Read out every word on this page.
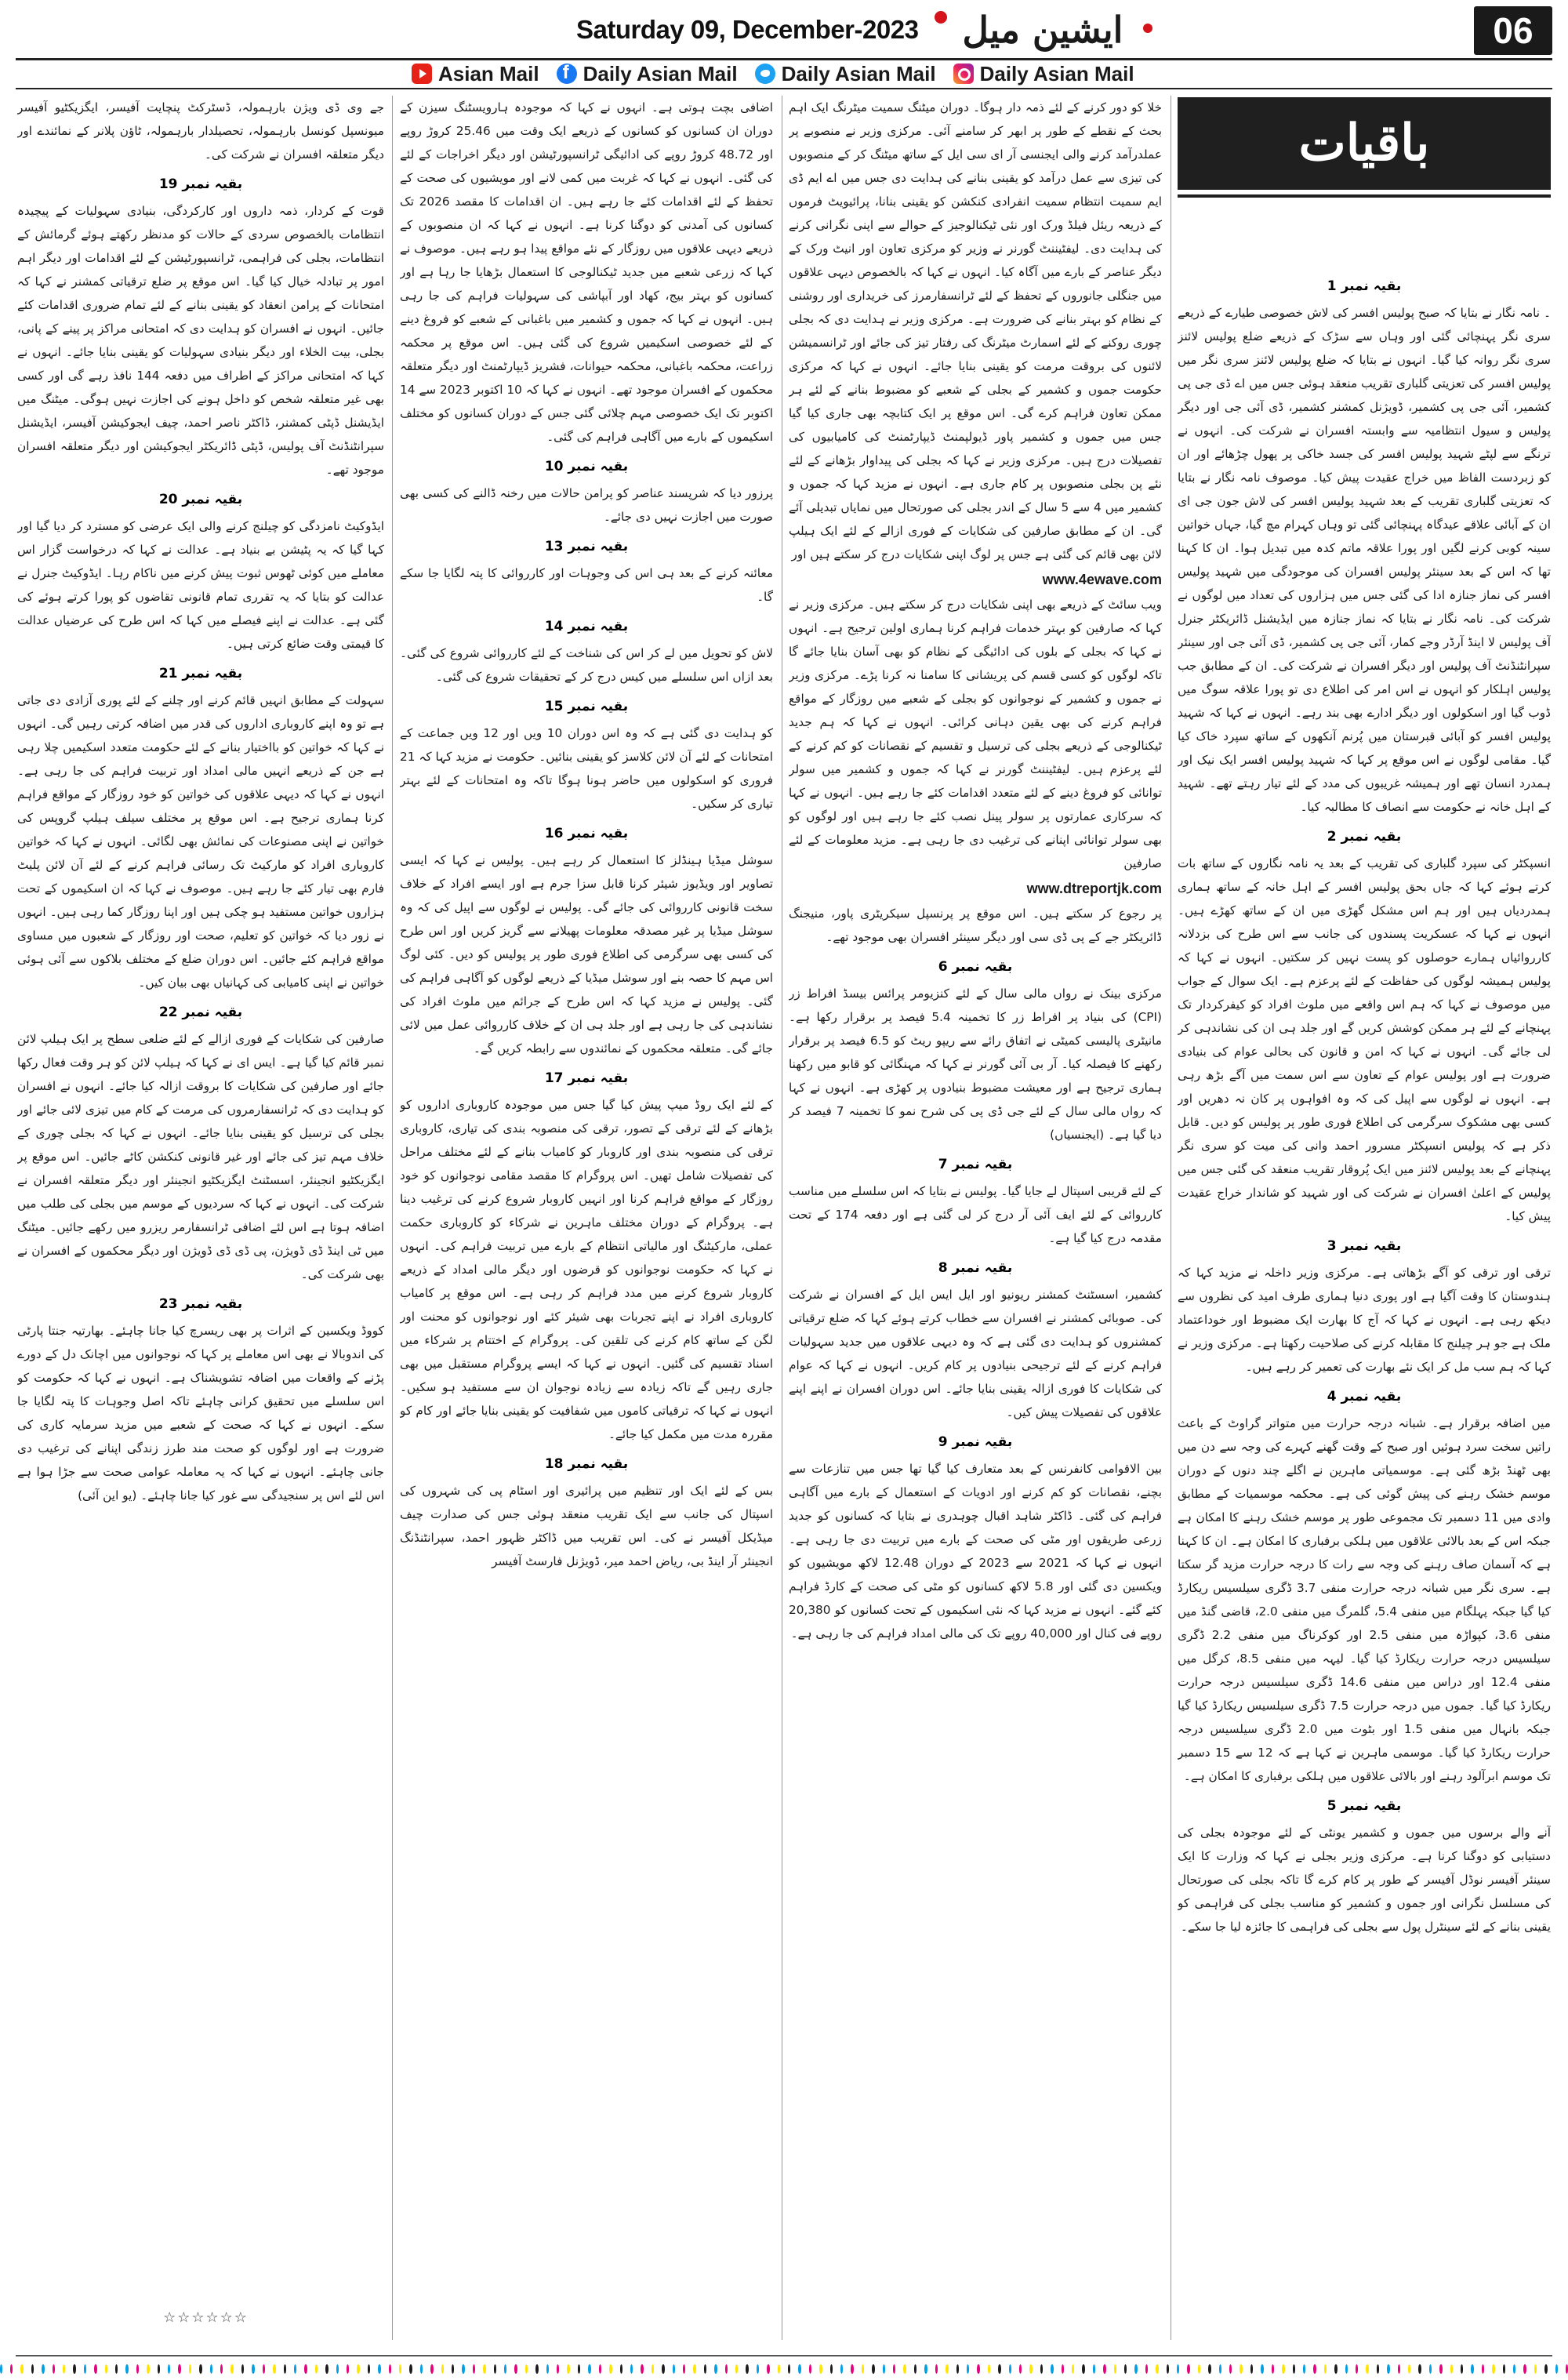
Saturday 09, December-2023	ایشین میل	06
Asian Mail
f Daily Asian Mail Daily Asian Mail Daily Asian Mail
باقیات
بقیہ نمبر 1

۔ نامہ نگار نے بتایا کہ صبح پولیس افسر کی لاش خصوصی طیارے کے ذریعے سری نگر پہنچائی گئی اور وہاں سے سڑک کے ذریعے ضلع پولیس لائنز سری نگر روانہ کیا گیا۔ انہوں نے بتایا کہ ضلع پولیس لائنز سری نگر میں پولیس افسر کی تعزیتی گلباری تقریب منعقد ہوئی جس میں اے ڈی جی پی کشمیر، آئی جی پی کشمیر، ڈویژنل کمشنر کشمیر، ڈی آئی جی اور دیگر پولیس و سیول انتظامیہ سے وابستہ افسران نے شرکت کی۔ انہوں نے ترنگے سے لپٹے شہید پولیس افسر کی جسد خاکی پر پھول چڑھائے اور ان کو زبردست الفاظ میں خراج عقیدت پیش کیا۔ موصوف نامہ نگار نے بتایا کہ تعزیتی گلباری تقریب کے بعد شہید پولیس افسر کی لاش جون جی ای ان کے آبائی علاقے عیدگاہ پہنچائی گئی تو وہاں کہرام مچ گیا، جہاں خواتین سینہ کوبی کرنے لگیں اور پورا علاقہ ماتم کدہ میں تبدیل ہوا۔ ان کا کہنا تھا کہ اس کے بعد سینئر پولیس افسران کی موجودگی میں شہید پولیس افسر کی نماز جنازہ ادا کی گئی جس میں ہزاروں کی تعداد میں لوگوں نے شرکت کی۔ نامہ نگار نے بتایا کہ نماز جنازہ میں ایڈیشنل ڈائریکٹر جنرل آف پولیس لا اینڈ آرڈر وجے کمار، آئی جی پی کشمیر، ڈی آئی جی اور سینئر سپرانٹنڈنٹ آف پولیس اور دیگر افسران نے شرکت کی۔ ان کے مطابق جب پولیس اہلکار کو انہوں نے اس امر کی اطلاع دی تو پورا علاقہ سوگ میں ڈوب گیا اور اسکولوں اور دیگر ادارے بھی بند رہے۔ انہوں نے کہا کہ شہید پولیس افسر کو آبائی قبرستان میں پُرنم آنکھوں کے ساتھ سپرد خاک کیا گیا۔ مقامی لوگوں نے اس موقع پر کہا کہ شہید پولیس افسر ایک نیک اور ہمدرد انسان تھے اور ہمیشہ غریبوں کی مدد کے لئے تیار رہتے تھے۔ شہید کے اہل خانہ نے حکومت سے انصاف کا مطالبہ کیا۔

بقیہ نمبر 2

انسپکٹر کی سپرد گلباری کی تقریب کے بعد یہ نامہ نگاروں کے ساتھ بات کرتے ہوئے کہا کہ جاں بحق پولیس افسر کے اہل خانہ کے ساتھ ہماری ہمدردیاں ہیں اور ہم اس مشکل گھڑی میں ان کے ساتھ کھڑے ہیں۔ انہوں نے کہا کہ عسکریت پسندوں کی جانب سے اس طرح کی بزدلانہ کارروائیاں ہمارے حوصلوں کو پست نہیں کر سکتیں۔ انہوں نے کہا کہ پولیس ہمیشہ لوگوں کی حفاظت کے لئے پرعزم ہے۔ ایک سوال کے جواب میں موصوف نے کہا کہ ہم اس واقعے میں ملوث افراد کو کیفرکردار تک پہنچانے کے لئے ہر ممکن کوشش کریں گے اور جلد ہی ان کی نشاندہی کر لی جائے گی۔ انہوں نے کہا کہ امن و قانون کی بحالی عوام کی بنیادی ضرورت ہے اور پولیس عوام کے تعاون سے اس سمت میں آگے بڑھ رہی ہے۔ انہوں نے لوگوں سے اپیل کی کہ وہ افواہوں پر کان نہ دھریں اور کسی بھی مشکوک سرگرمی کی اطلاع فوری طور پر پولیس کو دیں۔ قابل ذکر ہے کہ پولیس انسپکٹر مسرور احمد وانی کی میت کو سری نگر پہنچانے کے بعد پولیس لائنز میں ایک پُروقار تقریب منعقد کی گئی جس میں پولیس کے اعلیٰ افسران نے شرکت کی اور شہید کو شاندار خراج عقیدت پیش کیا۔

بقیہ نمبر 3

ترقی اور ترقی کو آگے بڑھاتی ہے۔ مرکزی وزیر داخلہ نے مزید کہا کہ ہندوستان کا وقت آگیا ہے اور پوری دنیا ہماری طرف امید کی نظروں سے دیکھ رہی ہے۔ انہوں نے کہا کہ آج کا بھارت ایک مضبوط اور خوداعتماد ملک ہے جو ہر چیلنج کا مقابلہ کرنے کی صلاحیت رکھتا ہے۔ مرکزی وزیر نے کہا کہ ہم سب مل کر ایک نئے بھارت کی تعمیر کر رہے ہیں۔

بقیہ نمبر 4

میں اضافہ برقرار ہے۔ شبانہ درجہ حرارت میں متواتر گراوٹ کے باعث راتیں سخت سرد ہوئیں اور صبح کے وقت گھنے کہرے کی وجہ سے دن میں بھی ٹھنڈ بڑھ گئی ہے۔ موسمیاتی ماہرین نے اگلے چند دنوں کے دوران موسم خشک رہنے کی پیش گوئی کی ہے۔ محکمہ موسمیات کے مطابق وادی میں 11 دسمبر تک مجموعی طور پر موسم خشک رہنے کا امکان ہے جبکہ اس کے بعد بالائی علاقوں میں ہلکی برفباری کا امکان ہے۔ ان کا کہنا ہے کہ آسمان صاف رہنے کی وجہ سے رات کا درجہ حرارت مزید گر سکتا ہے۔ سری نگر میں شبانہ درجہ حرارت منفی 3.7 ڈگری سیلسیس ریکارڈ کیا گیا جبکہ پہلگام میں منفی 5.4، گلمرگ میں منفی 2.0، قاضی گنڈ میں منفی 3.6، کپواڑہ میں منفی 2.5 اور کوکرناگ میں منفی 2.2 ڈگری سیلسیس درجہ حرارت ریکارڈ کیا گیا۔ لیہہ میں منفی 8.5، کرگل میں منفی 12.4 اور دراس میں منفی 14.6 ڈگری سیلسیس درجہ حرارت ریکارڈ کیا گیا۔ جموں میں درجہ حرارت 7.5 ڈگری سیلسیس ریکارڈ کیا گیا جبکہ بانہال میں منفی 1.5 اور بٹوت میں 2.0 ڈگری سیلسیس درجہ حرارت ریکارڈ کیا گیا۔ موسمی ماہرین نے کہا ہے کہ 12 سے 15 دسمبر تک موسم ابرآلود رہنے اور بالائی علاقوں میں ہلکی برفباری کا امکان ہے۔

بقیہ نمبر 5

آنے والے برسوں میں جموں و کشمیر یونٹی کے لئے موجودہ بجلی کی دستیابی کو دوگنا کرنا ہے۔ مرکزی وزیر بجلی نے کہا کہ وزارت کا ایک سینئر آفیسر نوڈل آفیسر کے طور پر کام کرے گا تاکہ بجلی کی صورتحال کی مسلسل نگرانی اور جموں و کشمیر کو مناسب بجلی کی فراہمی کو یقینی بنانے کے لئے سینٹرل پول سے بجلی کی فراہمی کا جائزہ لیا جا سکے۔

خلا کو دور کرنے کے لئے ذمہ دار ہوگا۔ دوران میٹنگ سمیت میٹرنگ ایک اہم بحث کے نقطے کے طور پر ابھر کر سامنے آئی۔ مرکزی وزیر نے منصوبے پر عملدرآمد کرنے والی ایجنسی آر ای سی ایل کے ساتھ میٹنگ کر کے منصوبوں کی تیزی سے عمل درآمد کو یقینی بنانے کی ہدایت دی جس میں اے ایم ڈی ایم سمیت انتظام سمیت انفرادی کنکشن کو یقینی بنانا، پرائیویٹ فرموں کے ذریعہ ریئل فیلڈ ورک اور نئی ٹیکنالوجیز کے حوالے سے اپنی نگرانی کرنے کی ہدایت دی۔ لیفٹیننٹ گورنر نے وزیر کو مرکزی تعاون اور انیٹ ورک کے دیگر عناصر کے بارے میں آگاہ کیا۔ انہوں نے کہا کہ بالخصوص دیہی علاقوں میں جنگلی جانوروں کے تحفظ کے لئے ٹرانسفارمرز کی خریداری اور روشنی کے نظام کو بہتر بنانے کی ضرورت ہے۔ مرکزی وزیر نے ہدایت دی کہ بجلی چوری روکنے کے لئے اسمارٹ میٹرنگ کی رفتار تیز کی جائے اور ٹرانسمیشن لائنوں کی بروقت مرمت کو یقینی بنایا جائے۔ انہوں نے کہا کہ مرکزی حکومت جموں و کشمیر کے بجلی کے شعبے کو مضبوط بنانے کے لئے ہر ممکن تعاون فراہم کرے گی۔ اس موقع پر ایک کتابچہ بھی جاری کیا گیا جس میں جموں و کشمیر پاور ڈیولپمنٹ ڈیپارٹمنٹ کی کامیابیوں کی تفصیلات درج ہیں۔ مرکزی وزیر نے کہا کہ بجلی کی پیداوار بڑھانے کے لئے نئے پن بجلی منصوبوں پر کام جاری ہے۔ انہوں نے مزید کہا کہ جموں و کشمیر میں 4 سے 5 سال کے اندر بجلی کی صورتحال میں نمایاں تبدیلی آئے گی۔ ان کے مطابق صارفین کی شکایات کے فوری ازالے کے لئے ایک ہیلپ لائن بھی قائم کی گئی ہے جس پر لوگ اپنی شکایات درج کر سکتے ہیں اور

www.4ewave.com

ویب سائٹ کے ذریعے بھی اپنی شکایات درج کر سکتے ہیں۔ مرکزی وزیر نے کہا کہ صارفین کو بہتر خدمات فراہم کرنا ہماری اولین ترجیح ہے۔ انہوں نے کہا کہ بجلی کے بلوں کی ادائیگی کے نظام کو بھی آسان بنایا جائے گا تاکہ لوگوں کو کسی قسم کی پریشانی کا سامنا نہ کرنا پڑے۔ مرکزی وزیر نے جموں و کشمیر کے نوجوانوں کو بجلی کے شعبے میں روزگار کے مواقع فراہم کرنے کی بھی یقین دہانی کرائی۔ انہوں نے کہا کہ ہم جدید ٹیکنالوجی کے ذریعے بجلی کی ترسیل و تقسیم کے نقصانات کو کم کرنے کے لئے پرعزم ہیں۔ لیفٹیننٹ گورنر نے کہا کہ جموں و کشمیر میں سولر توانائی کو فروغ دینے کے لئے متعدد اقدامات کئے جا رہے ہیں۔ انہوں نے کہا کہ سرکاری عمارتوں پر سولر پینل نصب کئے جا رہے ہیں اور لوگوں کو بھی سولر توانائی اپنانے کی ترغیب دی جا رہی ہے۔ مزید معلومات کے لئے صارفین

www.dtreportjk.com

پر رجوع کر سکتے ہیں۔ اس موقع پر پرنسپل سیکریٹری پاور، منیجنگ ڈائریکٹر جے کے پی ڈی سی اور دیگر سینئر افسران بھی موجود تھے۔

بقیہ نمبر 6

مرکزی بینک نے رواں مالی سال کے لئے کنزیومر پرائس بیسڈ افراط زر (CPI) کی بنیاد پر افراط زر کا تخمینہ 5.4 فیصد پر برقرار رکھا ہے۔ مانیٹری پالیسی کمیٹی نے اتفاق رائے سے ریپو ریٹ کو 6.5 فیصد پر برقرار رکھنے کا فیصلہ کیا۔ آر بی آئی گورنر نے کہا کہ مہنگائی کو قابو میں رکھنا ہماری ترجیح ہے اور معیشت مضبوط بنیادوں پر کھڑی ہے۔ انہوں نے کہا کہ رواں مالی سال کے لئے جی ڈی پی کی شرح نمو کا تخمینہ 7 فیصد کر دیا گیا ہے۔ (ایجنسیاں)

بقیہ نمبر 7

کے لئے قریبی اسپتال لے جایا گیا۔ پولیس نے بتایا کہ اس سلسلے میں مناسب کارروائی کے لئے ایف آئی آر درج کر لی گئی ہے اور دفعہ 174 کے تحت مقدمہ درج کیا گیا ہے۔

بقیہ نمبر 8

کشمیر، اسسٹنٹ کمشنر ریونیو اور ایل ایس ایل کے افسران نے شرکت کی۔ صوبائی کمشنر نے افسران سے خطاب کرتے ہوئے کہا کہ ضلع ترقیاتی کمشنروں کو ہدایت دی گئی ہے کہ وہ دیہی علاقوں میں جدید سہولیات فراہم کرنے کے لئے ترجیحی بنیادوں پر کام کریں۔ انہوں نے کہا کہ عوام کی شکایات کا فوری ازالہ یقینی بنایا جائے۔ اس دوران افسران نے اپنے اپنے علاقوں کی تفصیلات پیش کیں۔

بقیہ نمبر 9

بین الاقوامی کانفرنس کے بعد متعارف کیا گیا تھا جس میں تنازعات سے بچنے، نقصانات کو کم کرنے اور ادویات کے استعمال کے بارے میں آگاہی فراہم کی گئی۔ ڈاکٹر شاہد اقبال چوہدری نے بتایا کہ کسانوں کو جدید زرعی طریقوں اور مٹی کی صحت کے بارے میں تربیت دی جا رہی ہے۔ انہوں نے کہا کہ 2021 سے 2023 کے دوران 12.48 لاکھ مویشیوں کو ویکسین دی گئی اور 5.8 لاکھ کسانوں کو مٹی کی صحت کے کارڈ فراہم کئے گئے۔ انہوں نے مزید کہا کہ نئی اسکیموں کے تحت کسانوں کو 20,380 روپے فی کنال اور 40,000 روپے تک کی مالی امداد فراہم کی جا رہی ہے۔

اضافی بچت ہوتی ہے۔ انہوں نے کہا کہ موجودہ ہارویسٹنگ سیزن کے دوران ان کسانوں کو کسانوں کے ذریعے ایک وقت میں 25.46 کروڑ روپے اور 48.72 کروڑ روپے کی ادائیگی ٹرانسپورٹیشن اور دیگر اخراجات کے لئے کی گئی۔ انہوں نے کہا کہ غربت میں کمی لانے اور مویشیوں کی صحت کے تحفظ کے لئے اقدامات کئے جا رہے ہیں۔ ان اقدامات کا مقصد 2026 تک کسانوں کی آمدنی کو دوگنا کرنا ہے۔ انہوں نے کہا کہ ان منصوبوں کے ذریعے دیہی علاقوں میں روزگار کے نئے مواقع پیدا ہو رہے ہیں۔ موصوف نے کہا کہ زرعی شعبے میں جدید ٹیکنالوجی کا استعمال بڑھایا جا رہا ہے اور کسانوں کو بہتر بیج، کھاد اور آبپاشی کی سہولیات فراہم کی جا رہی ہیں۔ انہوں نے کہا کہ جموں و کشمیر میں باغبانی کے شعبے کو فروغ دینے کے لئے خصوصی اسکیمیں شروع کی گئی ہیں۔ اس موقع پر محکمہ زراعت، محکمہ باغبانی، محکمہ حیوانات، فشریز ڈیپارٹمنٹ اور دیگر متعلقہ محکموں کے افسران موجود تھے۔ انہوں نے کہا کہ 10 اکتوبر 2023 سے 14 اکتوبر تک ایک خصوصی مہم چلائی گئی جس کے دوران کسانوں کو مختلف اسکیموں کے بارے میں آگاہی فراہم کی گئی۔

بقیہ نمبر 10

پرزور دیا کہ شرپسند عناصر کو پرامن حالات میں رخنہ ڈالنے کی کسی بھی صورت میں اجازت نہیں دی جائے۔

بقیہ نمبر 13

معائنہ کرنے کے بعد ہی اس کی وجوہات اور کارروائی کا پتہ لگایا جا سکے گا۔

بقیہ نمبر 14

لاش کو تحویل میں لے کر اس کی شناخت کے لئے کارروائی شروع کی گئی۔ بعد ازاں اس سلسلے میں کیس درج کر کے تحقیقات شروع کی گئی۔

بقیہ نمبر 15

کو ہدایت دی گئی ہے کہ وہ اس دوران 10 ویں اور 12 ویں جماعت کے امتحانات کے لئے آن لائن کلاسز کو یقینی بنائیں۔ حکومت نے مزید کہا کہ 21 فروری کو اسکولوں میں حاضر ہونا ہوگا تاکہ وہ امتحانات کے لئے بہتر تیاری کر سکیں۔

بقیہ نمبر 16

سوشل میڈیا ہینڈلز کا استعمال کر رہے ہیں۔ پولیس نے کہا کہ ایسی تصاویر اور ویڈیوز شیئر کرنا قابل سزا جرم ہے اور ایسے افراد کے خلاف سخت قانونی کارروائی کی جائے گی۔ پولیس نے لوگوں سے اپیل کی کہ وہ سوشل میڈیا پر غیر مصدقہ معلومات پھیلانے سے گریز کریں اور اس طرح کی کسی بھی سرگرمی کی اطلاع فوری طور پر پولیس کو دیں۔ کئی لوگ اس مہم کا حصہ بنے اور سوشل میڈیا کے ذریعے لوگوں کو آگاہی فراہم کی گئی۔ پولیس نے مزید کہا کہ اس طرح کے جرائم میں ملوث افراد کی نشاندہی کی جا رہی ہے اور جلد ہی ان کے خلاف کارروائی عمل میں لائی جائے گی۔ متعلقہ محکموں کے نمائندوں سے رابطہ کریں گے۔

بقیہ نمبر 17

کے لئے ایک روڈ میپ پیش کیا گیا جس میں موجودہ کاروباری اداروں کو بڑھانے کے لئے ترقی کے تصور، ترقی کی منصوبہ بندی کی تیاری، کاروباری ترقی کی منصوبہ بندی اور کاروبار کو کامیاب بنانے کے لئے مختلف مراحل کی تفصیلات شامل تھیں۔ اس پروگرام کا مقصد مقامی نوجوانوں کو خود روزگار کے مواقع فراہم کرنا اور انہیں کاروبار شروع کرنے کی ترغیب دینا ہے۔ پروگرام کے دوران مختلف ماہرین نے شرکاء کو کاروباری حکمت عملی، مارکیٹنگ اور مالیاتی انتظام کے بارے میں تربیت فراہم کی۔ انہوں نے کہا کہ حکومت نوجوانوں کو قرضوں اور دیگر مالی امداد کے ذریعے کاروبار شروع کرنے میں مدد فراہم کر رہی ہے۔ اس موقع پر کامیاب کاروباری افراد نے اپنے تجربات بھی شیئر کئے اور نوجوانوں کو محنت اور لگن کے ساتھ کام کرنے کی تلقین کی۔ پروگرام کے اختتام پر شرکاء میں اسناد تقسیم کی گئیں۔ انہوں نے کہا کہ ایسے پروگرام مستقبل میں بھی جاری رہیں گے تاکہ زیادہ سے زیادہ نوجوان ان سے مستفید ہو سکیں۔ انہوں نے کہا کہ ترقیاتی کاموں میں شفافیت کو یقینی بنایا جائے اور کام کو مقررہ مدت میں مکمل کیا جائے۔

بقیہ نمبر 18

بس کے لئے ایک اور تنظیم میں پرائیری اور اسٹام پی کی شہروں کی اسپتال کی جانب سے ایک تقریب منعقد ہوئی جس کی صدارت چیف میڈیکل آفیسر نے کی۔ اس تقریب میں ڈاکٹر ظہور احمد، سپرانٹنڈنگ انجینئر آر اینڈ بی، ریاض احمد میر، ڈویژنل فارسٹ آفیسر

جے وی ڈی ویژن بارہمولہ، ڈسٹرکٹ پنچایت آفیسر، ایگزیکٹیو آفیسر میونسپل کونسل بارہمولہ، تحصیلدار بارہمولہ، ٹاؤن پلانر کے نمائندے اور دیگر متعلقہ افسران نے شرکت کی۔

بقیہ نمبر 19

قوت کے کردار، ذمہ داروں اور کارکردگی، بنیادی سہولیات کے پیچیدہ انتظامات بالخصوص سردی کے حالات کو مدنظر رکھتے ہوئے گرمائش کے انتظامات، بجلی کی فراہمی، ٹرانسپورٹیشن کے لئے اقدامات اور دیگر اہم امور پر تبادلہ خیال کیا گیا۔ اس موقع پر ضلع ترقیاتی کمشنر نے کہا کہ امتحانات کے پرامن انعقاد کو یقینی بنانے کے لئے تمام ضروری اقدامات کئے جائیں۔ انہوں نے افسران کو ہدایت دی کہ امتحانی مراکز پر پینے کے پانی، بجلی، بیت الخلاء اور دیگر بنیادی سہولیات کو یقینی بنایا جائے۔ انہوں نے کہا کہ امتحانی مراکز کے اطراف میں دفعہ 144 نافذ رہے گی اور کسی بھی غیر متعلقہ شخص کو داخل ہونے کی اجازت نہیں ہوگی۔ میٹنگ میں ایڈیشنل ڈپٹی کمشنر، ڈاکٹر ناصر احمد، چیف ایجوکیشن آفیسر، ایڈیشنل سپرانٹنڈنٹ آف پولیس، ڈپٹی ڈائریکٹر ایجوکیشن اور دیگر متعلقہ افسران موجود تھے۔

بقیہ نمبر 20

ایڈوکیٹ نامزدگی کو چیلنج کرنے والی ایک عرضی کو مسترد کر دیا گیا اور کہا گیا کہ یہ پٹیشن بے بنیاد ہے۔ عدالت نے کہا کہ درخواست گزار اس معاملے میں کوئی ٹھوس ثبوت پیش کرنے میں ناکام رہا۔ ایڈوکیٹ جنرل نے عدالت کو بتایا کہ یہ تقرری تمام قانونی تقاضوں کو پورا کرتے ہوئے کی گئی ہے۔ عدالت نے اپنے فیصلے میں کہا کہ اس طرح کی عرضیاں عدالت کا قیمتی وقت ضائع کرتی ہیں۔

بقیہ نمبر 21

سہولت کے مطابق انہیں قائم کرنے اور چلنے کے لئے پوری آزادی دی جاتی ہے تو وہ اپنے کاروباری اداروں کی قدر میں اضافہ کرتی رہیں گی۔ انہوں نے کہا کہ خواتین کو بااختیار بنانے کے لئے حکومت متعدد اسکیمیں چلا رہی ہے جن کے ذریعے انہیں مالی امداد اور تربیت فراہم کی جا رہی ہے۔ انہوں نے کہا کہ دیہی علاقوں کی خواتین کو خود روزگار کے مواقع فراہم کرنا ہماری ترجیح ہے۔ اس موقع پر مختلف سیلف ہیلپ گروپس کی خواتین نے اپنی مصنوعات کی نمائش بھی لگائی۔ انہوں نے کہا کہ خواتین کاروباری افراد کو مارکیٹ تک رسائی فراہم کرنے کے لئے آن لائن پلیٹ فارم بھی تیار کئے جا رہے ہیں۔ موصوف نے کہا کہ ان اسکیموں کے تحت ہزاروں خواتین مستفید ہو چکی ہیں اور اپنا روزگار کما رہی ہیں۔ انہوں نے زور دیا کہ خواتین کو تعلیم، صحت اور روزگار کے شعبوں میں مساوی مواقع فراہم کئے جائیں۔ اس دوران ضلع کے مختلف بلاکوں سے آئی ہوئی خواتین نے اپنی کامیابی کی کہانیاں بھی بیان کیں۔

بقیہ نمبر 22

صارفین کی شکایات کے فوری ازالے کے لئے ضلعی سطح پر ایک ہیلپ لائن نمبر قائم کیا گیا ہے۔ ایس ای نے کہا کہ ہیلپ لائن کو ہر وقت فعال رکھا جائے اور صارفین کی شکایات کا بروقت ازالہ کیا جائے۔ انہوں نے افسران کو ہدایت دی کہ ٹرانسفارمروں کی مرمت کے کام میں تیزی لائی جائے اور بجلی کی ترسیل کو یقینی بنایا جائے۔ انہوں نے کہا کہ بجلی چوری کے خلاف مہم تیز کی جائے اور غیر قانونی کنکشن کاٹے جائیں۔ اس موقع پر ایگزیکٹیو انجینئر، اسسٹنٹ ایگزیکٹیو انجینئر اور دیگر متعلقہ افسران نے شرکت کی۔ انہوں نے کہا کہ سردیوں کے موسم میں بجلی کی طلب میں اضافہ ہوتا ہے اس لئے اضافی ٹرانسفارمر ریزرو میں رکھے جائیں۔ میٹنگ میں ٹی اینڈ ڈی ڈویژن، پی ڈی ڈی ڈویژن اور دیگر محکموں کے افسران نے بھی شرکت کی۔

بقیہ نمبر 23

کووڈ ویکسین کے اثرات پر بھی ریسرچ کیا جانا چاہئے۔ بھارتیہ جنتا پارٹی کی اندوبالا نے بھی اس معاملے پر کہا کہ نوجوانوں میں اچانک دل کے دورے پڑنے کے واقعات میں اضافہ تشویشناک ہے۔ انہوں نے کہا کہ حکومت کو اس سلسلے میں تحقیق کرانی چاہئے تاکہ اصل وجوہات کا پتہ لگایا جا سکے۔ انہوں نے کہا کہ صحت کے شعبے میں مزید سرمایہ کاری کی ضرورت ہے اور لوگوں کو صحت مند طرز زندگی اپنانے کی ترغیب دی جانی چاہئے۔ انہوں نے کہا کہ یہ معاملہ عوامی صحت سے جڑا ہوا ہے اس لئے اس پر سنجیدگی سے غور کیا جانا چاہئے۔ (یو این آئی)

☆☆☆☆☆☆
